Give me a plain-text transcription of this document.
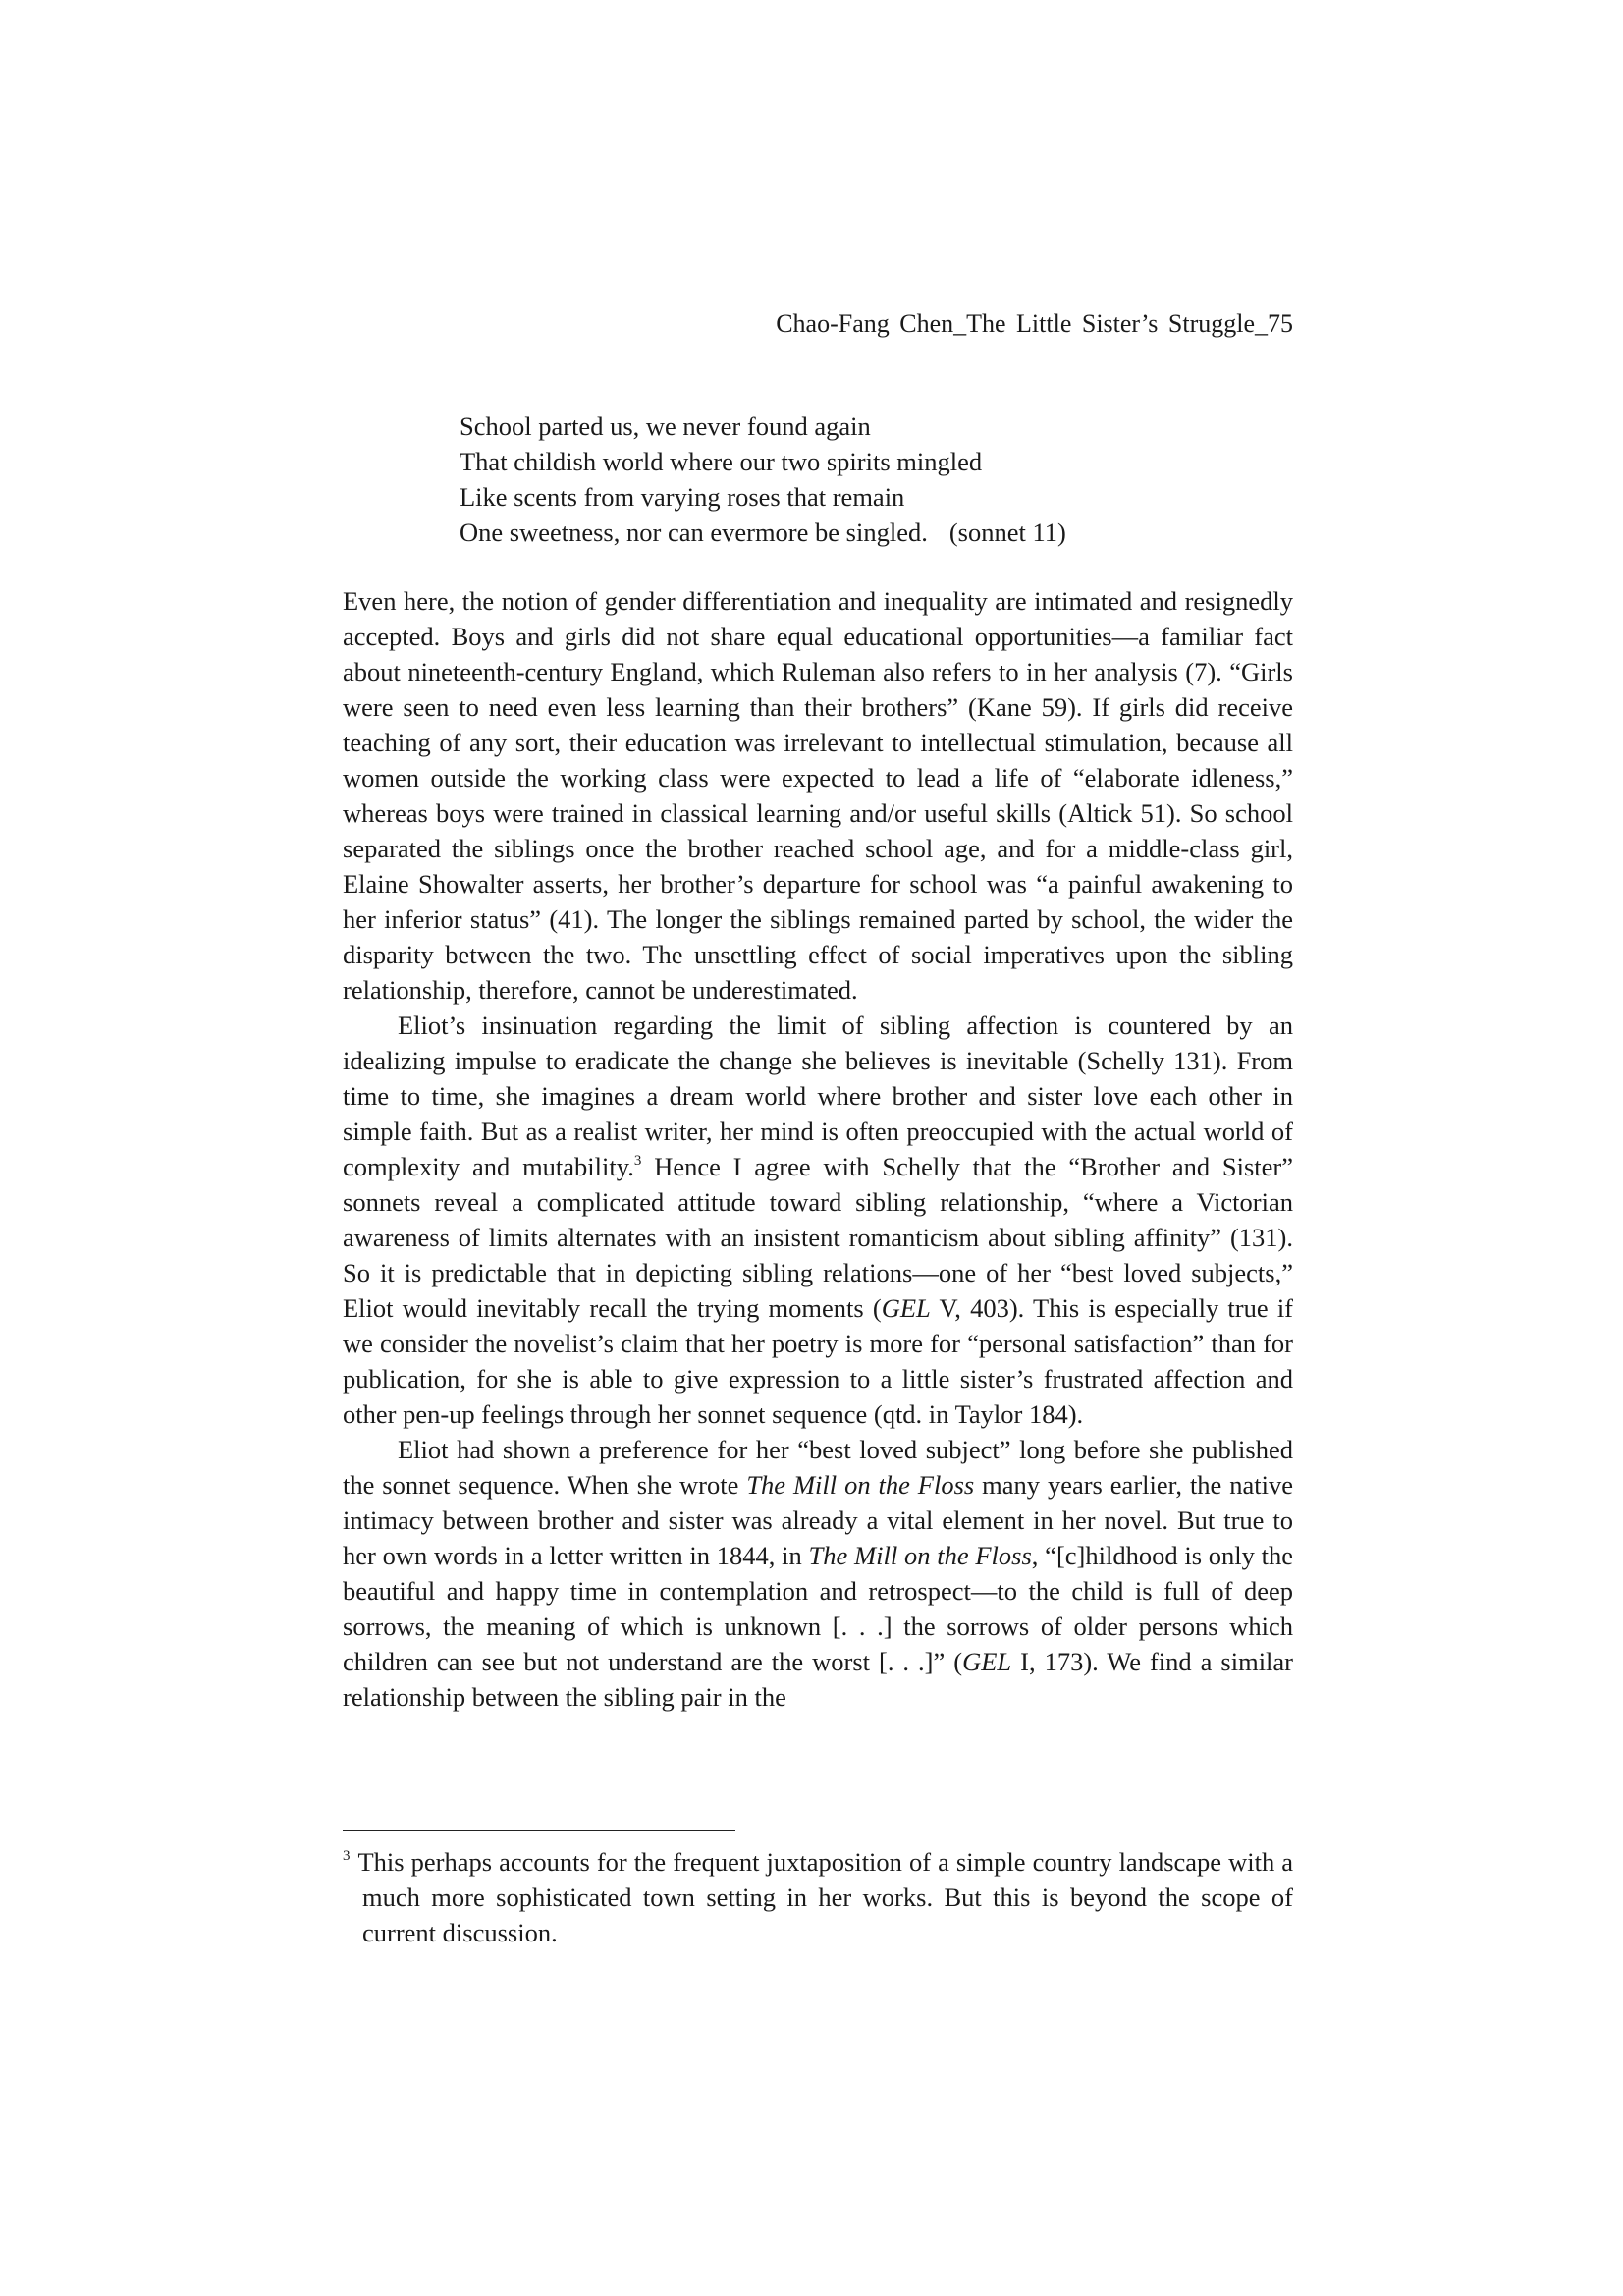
Chao-Fang Chen_The Little Sister’s Struggle_75
School parted us, we never found again
That childish world where our two spirits mingled
Like scents from varying roses that remain
One sweetness, nor can evermore be singled. (sonnet 11)

Even here, the notion of gender differentiation and inequality are intimated and resignedly accepted. Boys and girls did not share equal educational opportunities—a familiar fact about nineteenth-century England, which Ruleman also refers to in her analysis (7). “Girls were seen to need even less learning than their brothers” (Kane 59). If girls did receive teaching of any sort, their education was irrelevant to intellectual stimulation, because all women outside the working class were expected to lead a life of “elaborate idleness,” whereas boys were trained in classical learning and/or useful skills (Altick 51). So school separated the siblings once the brother reached school age, and for a middle-class girl, Elaine Showalter asserts, her brother’s departure for school was “a painful awakening to her inferior status” (41). The longer the siblings remained parted by school, the wider the disparity between the two. The unsettling effect of social imperatives upon the sibling relationship, therefore, cannot be underestimated.

Eliot’s insinuation regarding the limit of sibling affection is countered by an idealizing impulse to eradicate the change she believes is inevitable (Schelly 131). From time to time, she imagines a dream world where brother and sister love each other in simple faith. But as a realist writer, her mind is often preoccupied with the actual world of complexity and mutability.$^3$ Hence I agree with Schelly that the “Brother and Sister” sonnets reveal a complicated attitude toward sibling relationship, “where a Victorian awareness of limits alternates with an insistent romanticism about sibling affinity” (131). So it is predictable that in depicting sibling relations—one of her “best loved subjects,” Eliot would inevitably recall the trying moments (GEL V, 403). This is especially true if we consider the novelist’s claim that her poetry is more for “personal satisfaction” than for publication, for she is able to give expression to a little sister’s frustrated affection and other pen-up feelings through her sonnet sequence (qtd. in Taylor 184).

Eliot had shown a preference for her “best loved subject” long before she published the sonnet sequence. When she wrote The Mill on the Floss many years earlier, the native intimacy between brother and sister was already a vital element in her novel. But true to her own words in a letter written in 1844, in The Mill on the Floss, “[c]hildhood is only the beautiful and happy time in contemplation and retrospect—to the child is full of deep sorrows, the meaning of which is unknown [. . .] the sorrows of older persons which children can see but not understand are the worst [. . .]” (GEL I, 173). We find a similar relationship between the sibling pair in the

$^3$ This perhaps accounts for the frequent juxtaposition of a simple country landscape with a much more sophisticated town setting in her works. But this is beyond the scope of current discussion.
